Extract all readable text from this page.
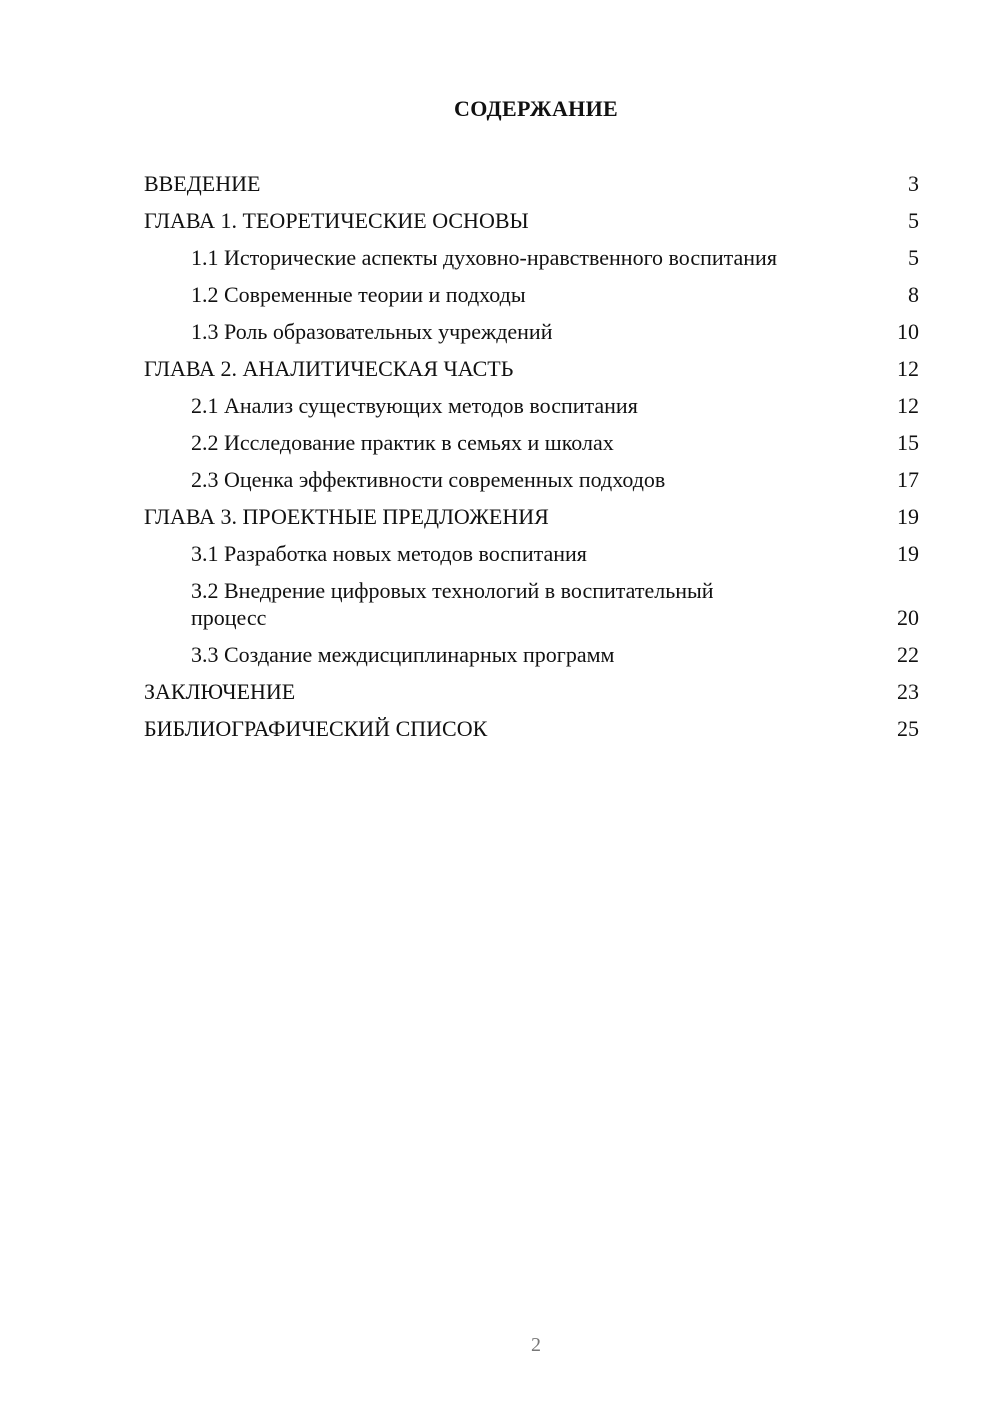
СОДЕРЖАНИЕ
ВВЕДЕНИЕ	3
ГЛАВА 1. ТЕОРЕТИЧЕСКИЕ ОСНОВЫ	5
1.1 Исторические аспекты духовно-нравственного воспитания	5
1.2 Современные теории и подходы	8
1.3 Роль образовательных учреждений	10
ГЛАВА 2. АНАЛИТИЧЕСКАЯ ЧАСТЬ	12
2.1 Анализ существующих методов воспитания	12
2.2 Исследование практик в семьях и школах	15
2.3 Оценка эффективности современных подходов	17
ГЛАВА 3. ПРОЕКТНЫЕ ПРЕДЛОЖЕНИЯ	19
3.1 Разработка новых методов воспитания	19
3.2 Внедрение цифровых технологий в воспитательный процесс	20
3.3 Создание междисциплинарных программ	22
ЗАКЛЮЧЕНИЕ	23
БИБЛИОГРАФИЧЕСКИЙ СПИСОК	25
2
